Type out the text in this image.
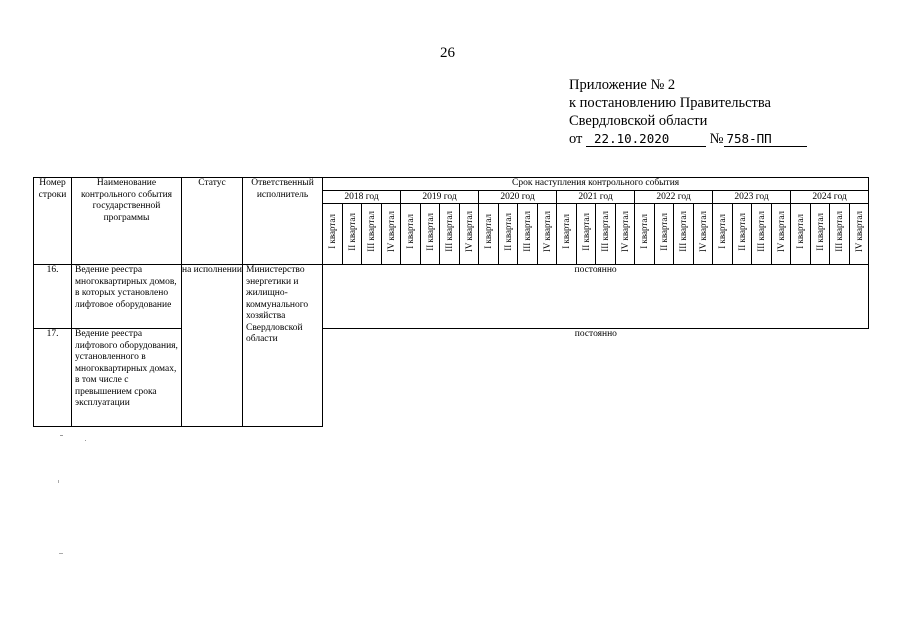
26
Приложение № 2
к постановлению Правительства
Свердловской области
от 22.10.2020	№ 758-ПП
Номер строки	Наименование контрольного события государственной программы	Статус	Ответственный исполнитель	Срок наступления контрольного события																											
				2018 год				2019 год				2020 год				2021 год				2022 год				2023 год				2024 год			
				I квартал	II квартал	III квартал	IV квартал	I квартал	II квартал	III квартал	IV квартал	I квартал	II квартал	III квартал	IV квартал	I квартал	II квартал	III квартал	IV квартал	I квартал	II квартал	III квартал	IV квартал	I квартал	II квартал	III квартал	IV квартал	I квартал	II квартал	III квартал	IV квартал
16.	Ведение реестра многоквартирных домов, в которых установлено лифтовое оборудование	на исполнении	Министерство энергетики и жилищно-коммунального хозяйства Свердловской области	постоянно																											
17.	Ведение реестра лифтового оборудования, установленного в многоквартирных домах, в том числе с превышением срока эксплуатации			постоянно																											
